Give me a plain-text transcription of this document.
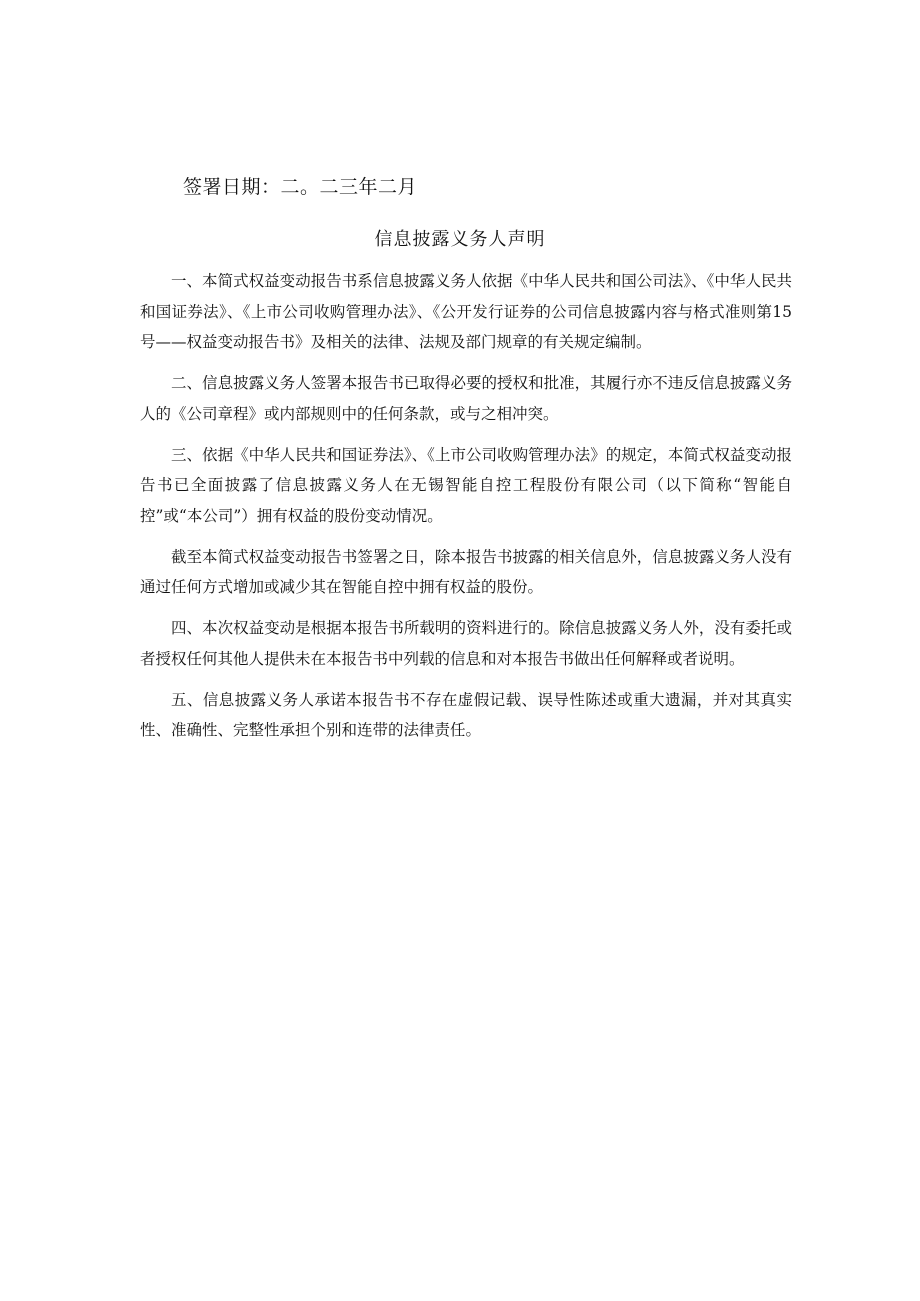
签署日期：二。二三年二月
信息披露义务人声明

一、本简式权益变动报告书系信息披露义务人依据《中华人民共和国公司法》、《中华人民共和国证券法》、《上市公司收购管理办法》、《公开发行证券的公司信息披露内容与格式准则第15号——权益变动报告书》及相关的法律、法规及部门规章的有关规定编制。

二、信息披露义务人签署本报告书已取得必要的授权和批准，其履行亦不违反信息披露义务人的《公司章程》或内部规则中的任何条款，或与之相冲突。

三、依据《中华人民共和国证券法》、《上市公司收购管理办法》的规定，本简式权益变动报告书已全面披露了信息披露义务人在无锡智能自控工程股份有限公司（以下简称“智能自控”或“本公司”）拥有权益的股份变动情况。

截至本简式权益变动报告书签署之日，除本报告书披露的相关信息外，信息披露义务人没有通过任何方式增加或减少其在智能自控中拥有权益的股份。

四、本次权益变动是根据本报告书所载明的资料进行的。除信息披露义务人外，没有委托或者授权任何其他人提供未在本报告书中列载的信息和对本报告书做出任何解释或者说明。

五、信息披露义务人承诺本报告书不存在虚假记载、误导性陈述或重大遗漏，并对其真实性、准确性、完整性承担个别和连带的法律责任。
